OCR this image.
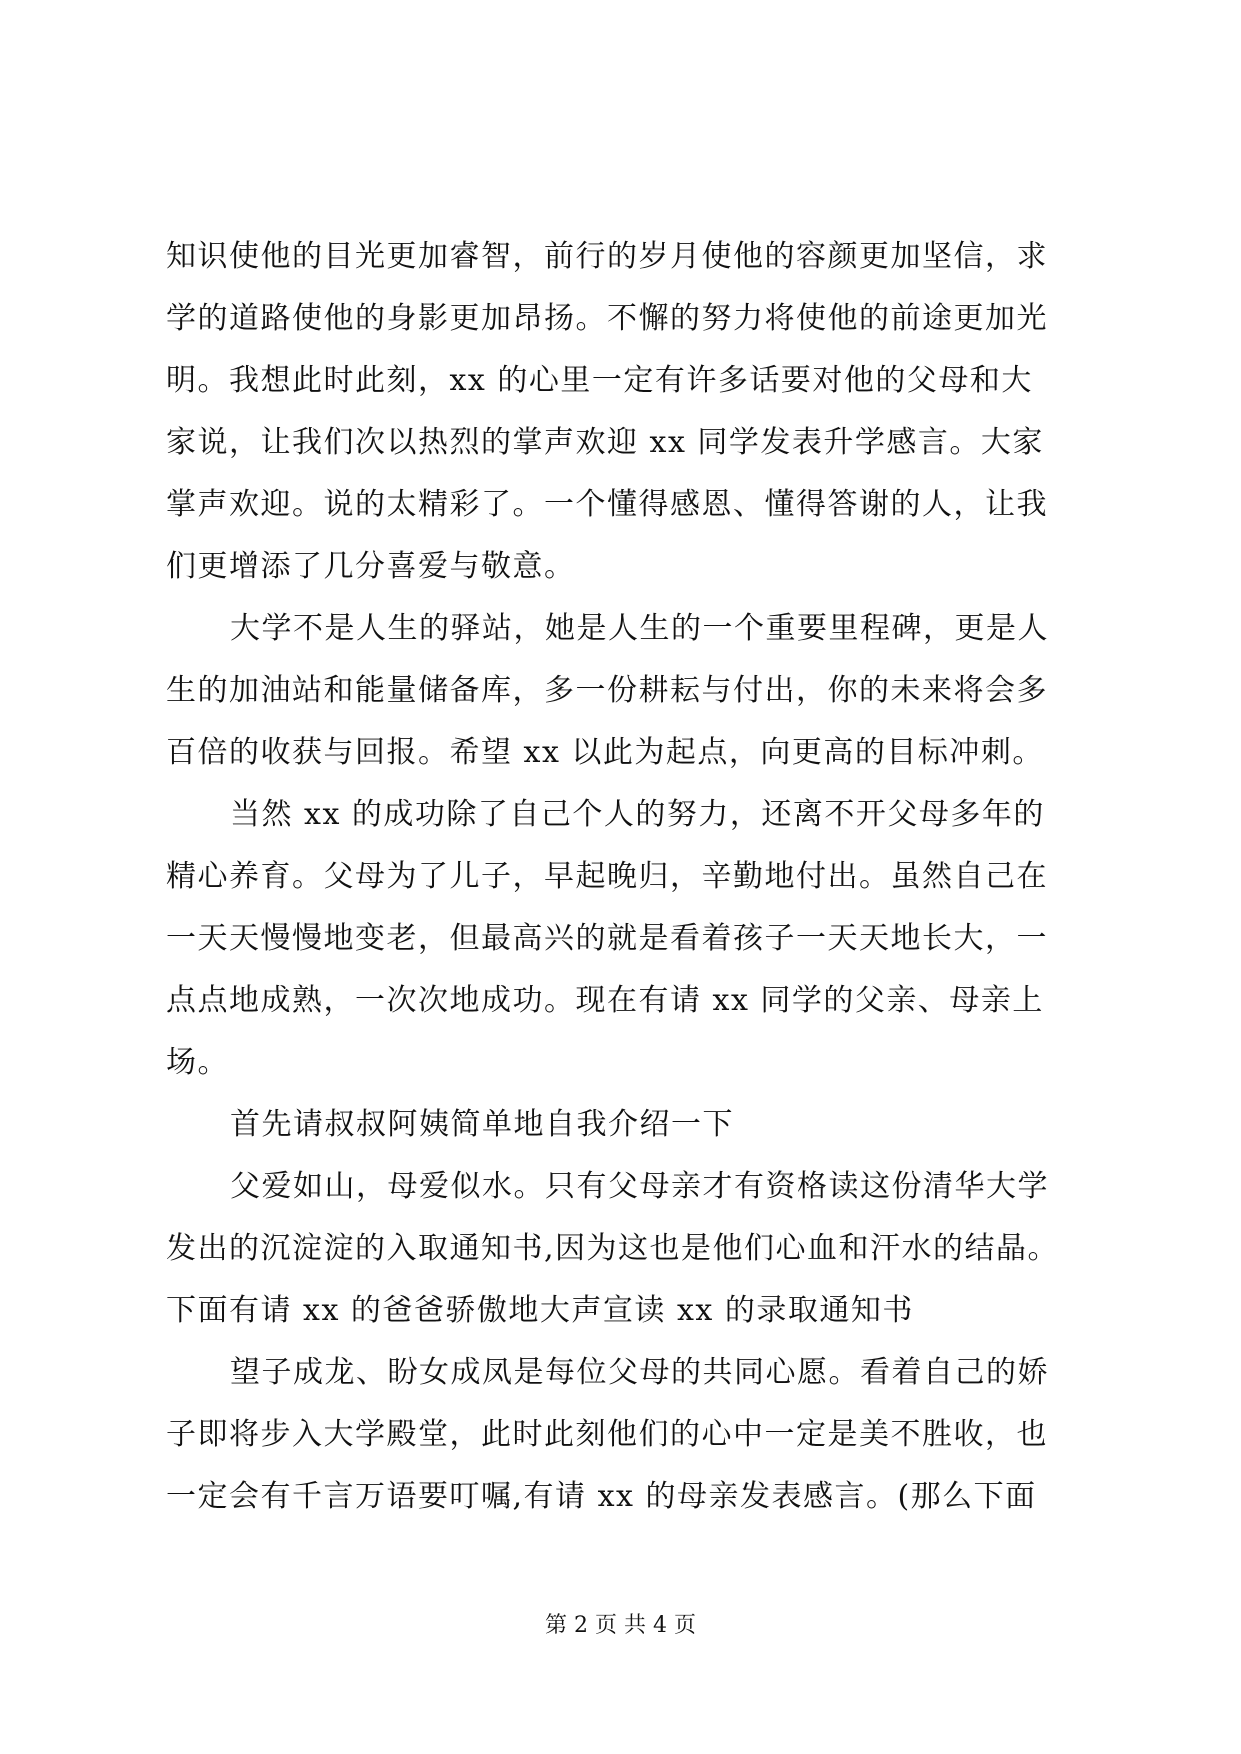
知识使他的目光更加睿智，前行的岁月使他的容颜更加坚信，求
学的道路使他的身影更加昂扬。不懈的努力将使他的前途更加光
明。我想此时此刻，xx 的心里一定有许多话要对他的父母和大
家说，让我们次以热烈的掌声欢迎 xx 同学发表升学感言。大家
掌声欢迎。说的太精彩了。一个懂得感恩、懂得答谢的人，让我
们更增添了几分喜爱与敬意。
大学不是人生的驿站，她是人生的一个重要里程碑，更是人
生的加油站和能量储备库，多一份耕耘与付出，你的未来将会多
百倍的收获与回报。希望 xx 以此为起点，向更高的目标冲刺。
当然 xx 的成功除了自己个人的努力，还离不开父母多年的
精心养育。父母为了儿子，早起晚归，辛勤地付出。虽然自己在
一天天慢慢地变老，但最高兴的就是看着孩子一天天地长大，一
点点地成熟，一次次地成功。现在有请 xx 同学的父亲、母亲上
场。
首先请叔叔阿姨简单地自我介绍一下
父爱如山，母爱似水。只有父母亲才有资格读这份清华大学
发出的沉淀淀的入取通知书,因为这也是他们心血和汗水的结晶。
下面有请 xx 的爸爸骄傲地大声宣读 xx 的录取通知书
望子成龙、盼女成凤是每位父母的共同心愿。看着自己的娇
子即将步入大学殿堂，此时此刻他们的心中一定是美不胜收，也
一定会有千言万语要叮嘱,有请 xx 的母亲发表感言。(那么下面
第 2 页 共 4 页
